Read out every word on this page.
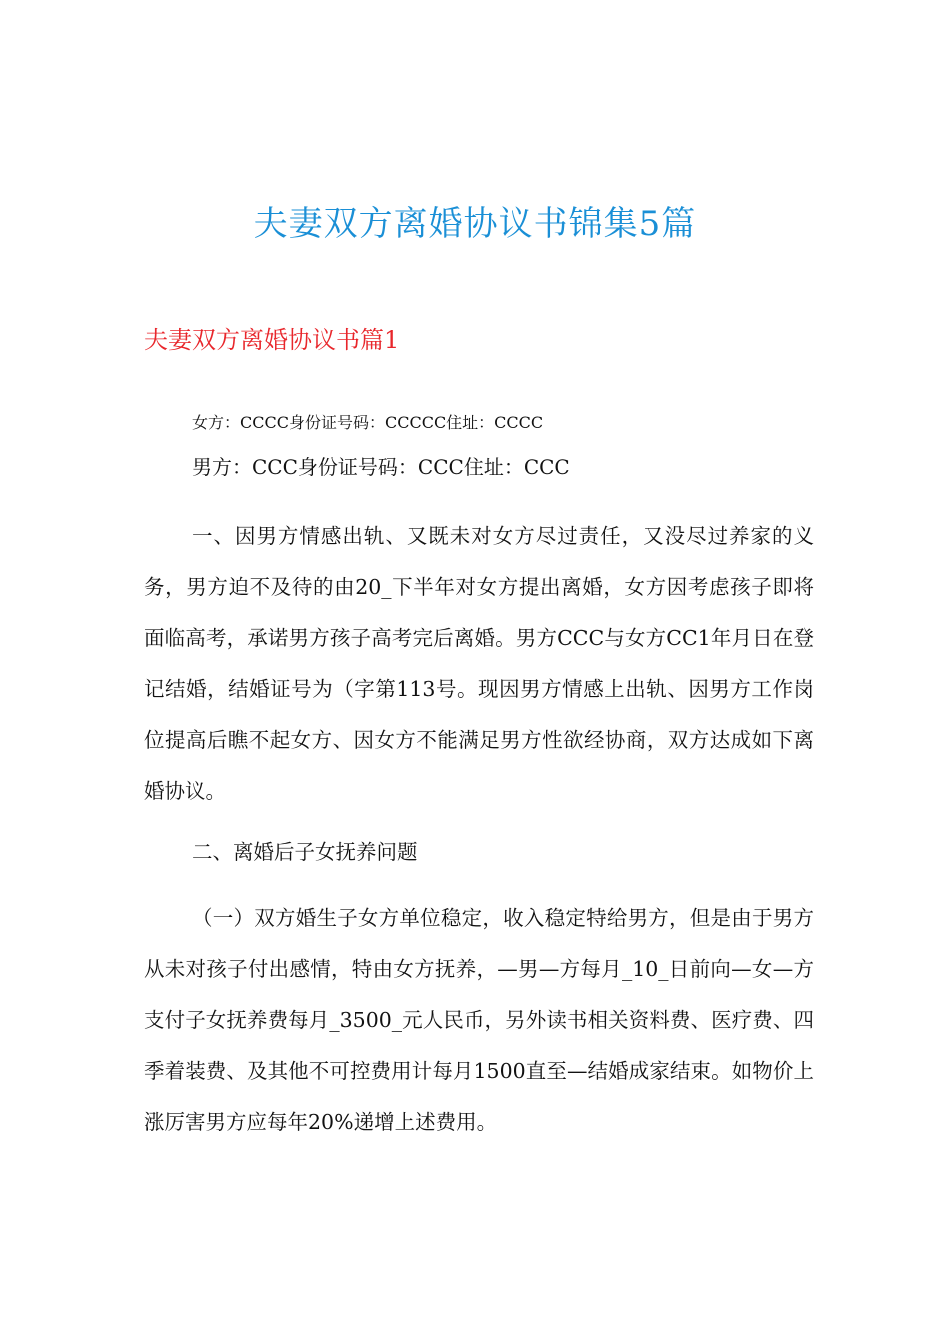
夫妻双方离婚协议书锦集5篇
夫妻双方离婚协议书篇1

女方：CCCC身份证号码：CCCCC住址：CCCC

男方：CCC身份证号码：CCC住址：CCC

一、因男方情感出轨、又既未对女方尽过责任，又没尽过养家的义务，男方迫不及待的由20_下半年对女方提出离婚，女方因考虑孩子即将面临高考，承诺男方孩子高考完后离婚。男方CCC与女方CC1年月日在登记结婚，结婚证号为（字第113号。现因男方情感上出轨、因男方工作岗位提高后瞧不起女方、因女方不能满足男方性欲经协商，双方达成如下离婚协议。

二、离婚后子女抚养问题

（一）双方婚生子女方单位稳定，收入稳定特给男方，但是由于男方从未对孩子付出感情，特由女方抚养，—男—方每月_10_日前向—女—方支付子女抚养费每月_3500_元人民币，另外读书相关资料费、医疗费、四季着装费、及其他不可控费用计每月1500直至—结婚成家结束。如物价上涨厉害男方应每年20%递增上述费用。
